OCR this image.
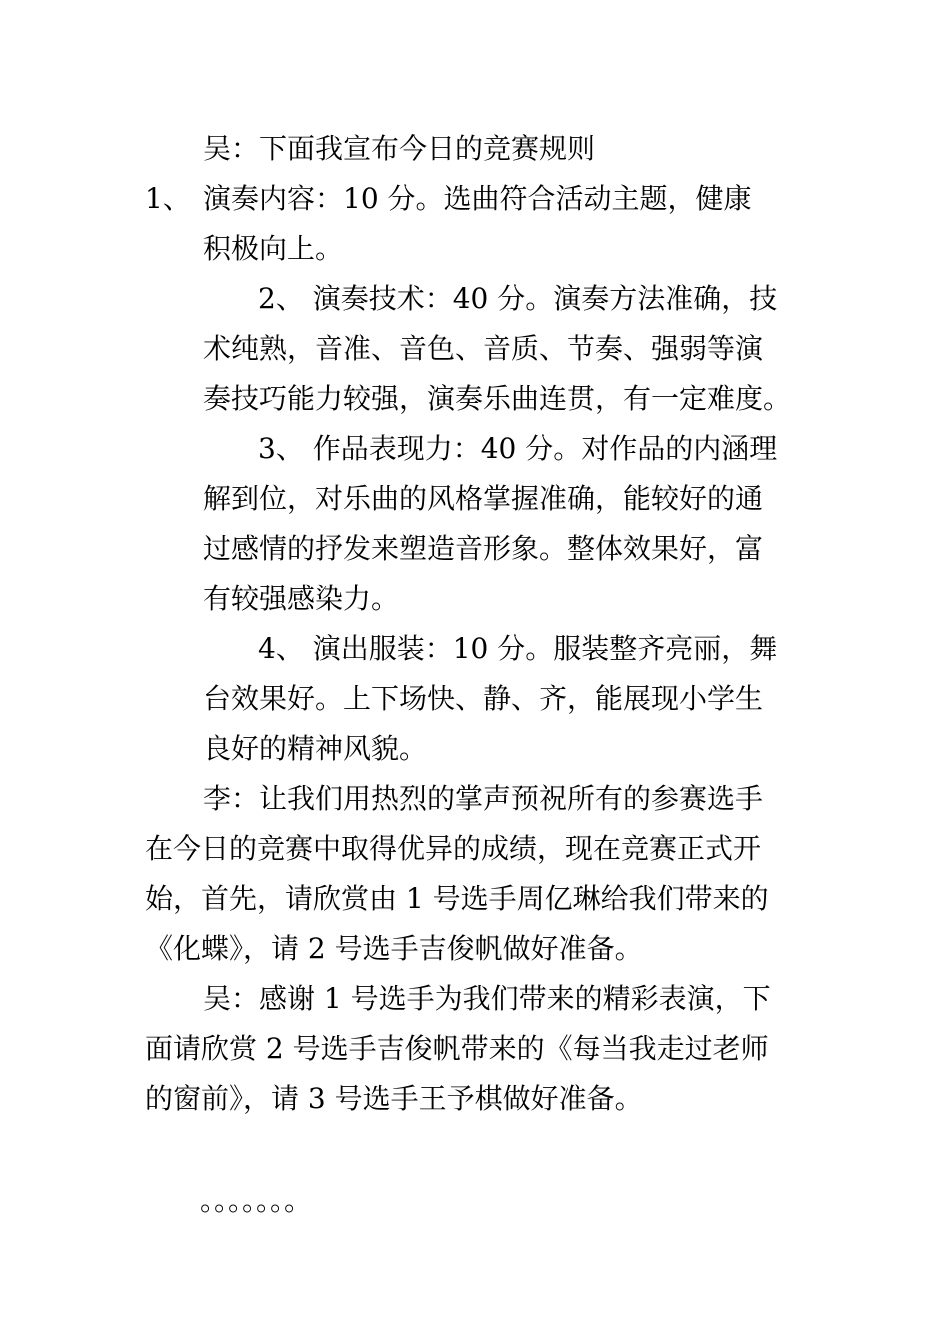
吴：下面我宣布今日的竞赛规则
1、 演奏内容：10 分。选曲符合活动主题，健康
积极向上。
2、 演奏技术：40 分。演奏方法准确，技
术纯熟，音准、音色、音质、节奏、强弱等演
奏技巧能力较强，演奏乐曲连贯，有一定难度。
3、 作品表现力：40 分。对作品的内涵理
解到位，对乐曲的风格掌握准确，能较好的通
过感情的抒发来塑造音形象。整体效果好，富
有较强感染力。
4、 演出服装：10 分。服装整齐亮丽，舞
台效果好。上下场快、静、齐，能展现小学生
良好的精神风貌。
李：让我们用热烈的掌声预祝所有的参赛选手
在今日的竞赛中取得优异的成绩，现在竞赛正式开
始，首先，请欣赏由 1 号选手周亿琳给我们带来的
《化蝶》，请 2 号选手吉俊帆做好准备。
吴：感谢 1 号选手为我们带来的精彩表演，下
面请欣赏 2 号选手吉俊帆带来的《每当我走过老师
的窗前》，请 3 号选手王予棋做好准备。
。。。。。。。
